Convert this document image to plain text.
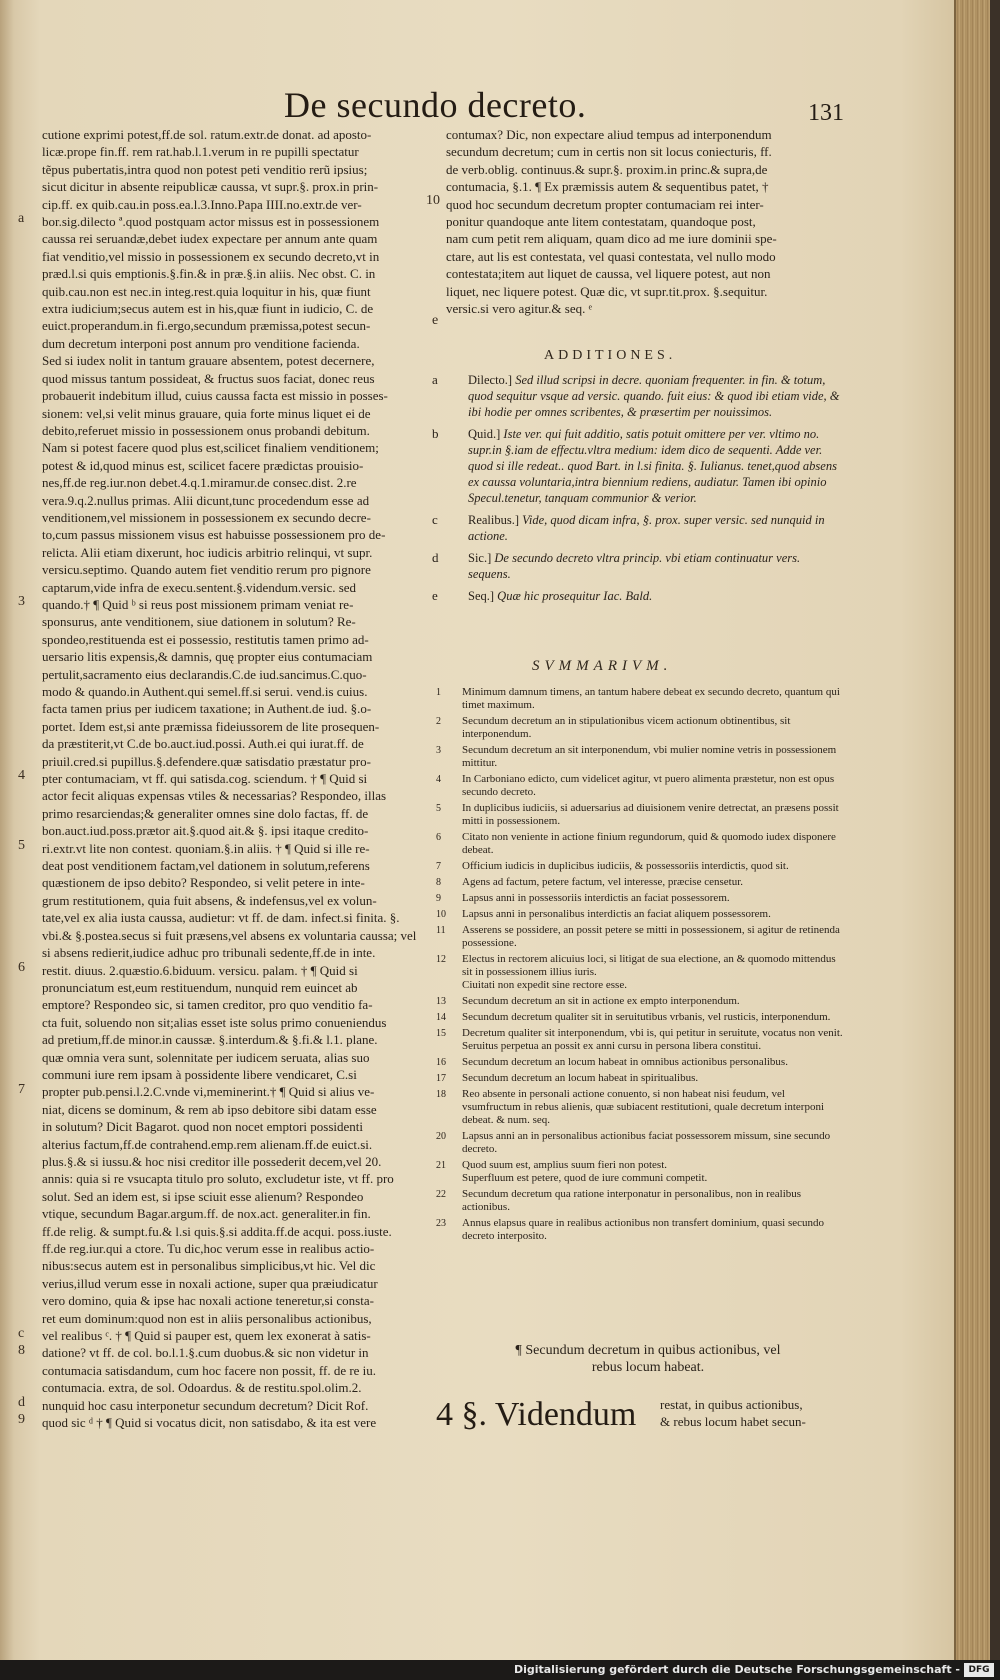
De secundo decreto.	131
cutione exprimi potest,ff.de sol. ratum.extr.de donat. ad aposto-
licæ.prope fin.ff. rem rat.hab.l.1.verum in re pupilli spectatur
tẽpus pubertatis,intra quod non potest peti venditio rerũ ipsius;
sicut dicitur in absente reipublicæ caussa, vt supr.§. prox.in prin-
cip.ff. ex quib.cau.in poss.ea.l.3.Inno.Papa IIII.no.extr.de ver-
bor.sig.dilecto ª.quod postquam actor missus est in possessionem
caussa rei seruandæ,debet iudex expectare per annum ante quam
fiat venditio,vel missio in possessionem ex secundo decreto,vt in
præd.l.si quis emptionis.§.fin.& in præ.§.in aliis. Nec obst. C. in
quib.cau.non est nec.in integ.rest.quia loquitur in his, quæ fiunt
extra iudicium;secus autem est in his,quæ fiunt in iudicio, C. de
euict.properandum.in fi.ergo,secundum præmissa,potest secun-
dum decretum interponi post annum pro venditione facienda.
Sed si iudex nolit in tantum grauare absentem, potest decernere,
quod missus tantum possideat, & fructus suos faciat, donec reus
probauerit indebitum illud, cuius caussa facta est missio in posses-
sionem: vel,si velit minus grauare, quia forte minus liquet ei de
debito,referuet missio in possessionem onus probandi debitum.
Nam si potest facere quod plus est,scilicet finaliem venditionem;
potest & id,quod minus est, scilicet facere prædictas prouisio-
nes,ff.de reg.iur.non debet.4.q.1.miramur.de consec.dist. 2.re
vera.9.q.2.nullus primas. Alii dicunt,tunc procedendum esse ad
venditionem,vel missionem in possessionem ex secundo decre-
to,cum passus missionem visus est habuisse possessionem pro de-
relicta. Alii etiam dixerunt, hoc iudicis arbitrio relinqui, vt supr.
versicu.septimo. Quando autem fiet venditio rerum pro pignore
captarum,vide infra de execu.sentent.§.videndum.versic. sed
quando.† ¶ Quid ᵇ si reus post missionem primam veniat re-
sponsurus, ante venditionem, siue dationem in solutum? Re-
spondeo,restituenda est ei possessio, restitutis tamen primo ad-
uersario litis expensis,& damnis, quę propter eius contumaciam
pertulit,sacramento eius declarandis.C.de iud.sancimus.C.quo-
modo & quando.in Authent.qui semel.ff.si serui. vend.is cuius.
facta tamen prius per iudicem taxatione; in Authent.de iud. §.o-
portet. Idem est,si ante præmissa fideiussorem de lite prosequen-
da præstiterit,vt C.de bo.auct.iud.possi. Auth.ei qui iurat.ff. de
priuil.cred.si pupillus.§.defendere.quæ satisdatio præstatur pro-
pter contumaciam, vt ff. qui satisda.cog. sciendum. † ¶ Quid si
actor fecit aliquas expensas vtiles & necessarias? Respondeo, illas
primo resarciendas;& generaliter omnes sine dolo factas, ff. de
bon.auct.iud.poss.prætor ait.§.quod ait.& §. ipsi itaque credito-
ri.extr.vt lite non contest. quoniam.§.in aliis. † ¶ Quid si ille re-
deat post venditionem factam,vel dationem in solutum,referens
quæstionem de ipso debito? Respondeo, si velit petere in inte-
grum restitutionem, quia fuit absens, & indefensus,vel ex volun-
tate,vel ex alia iusta caussa, audietur: vt ff. de dam. infect.si finita. §.
vbi.& §.postea.secus si fuit præsens,vel absens ex voluntaria caussa; vel
si absens redierit,iudice adhuc pro tribunali sedente,ff.de in inte.
restit. diuus. 2.quæstio.6.biduum. versicu. palam. † ¶ Quid si
pronunciatum est,eum restituendum, nunquid rem euincet ab
emptore? Respondeo sic, si tamen creditor, pro quo venditio fa-
cta fuit, soluendo non sit;alias esset iste solus primo conueniendus
ad pretium,ff.de minor.in caussæ. §.interdum.& §.fi.& l.1. plane.
quæ omnia vera sunt, solennitate per iudicem seruata, alias suo
communi iure rem ipsam à possidente libere vendicaret, C.si
propter pub.pensi.l.2.C.vnde vi,meminerint.† ¶ Quid si alius ve-
niat, dicens se dominum, & rem ab ipso debitore sibi datam esse
in solutum? Dicit Bagarot. quod non nocet emptori possidenti
alterius factum,ff.de contrahend.emp.rem alienam.ff.de euict.si.
plus.§.& si iussu.& hoc nisi creditor ille possederit decem,vel 20.
annis: quia si re vsucapta titulo pro soluto, excludetur iste, vt ff. pro
solut. Sed an idem est, si ipse sciuit esse alienum? Respondeo
vtique, secundum Bagar.argum.ff. de nox.act. generaliter.in fin.
ff.de relig. & sumpt.fu.& l.si quis.§.si addita.ff.de acqui. poss.iuste.
ff.de reg.iur.qui a ctore. Tu dic,hoc verum esse in realibus actio-
nibus:secus autem est in personalibus simplicibus,vt hic. Vel dic
verius,illud verum esse in noxali actione, super qua præiudicatur
vero domino, quia & ipse hac noxali actione teneretur,si consta-
ret eum dominum:quod non est in aliis personalibus actionibus,
vel realibus ᶜ. † ¶ Quid si pauper est, quem lex exonerat à satis-
datione? vt ff. de col. bo.l.1.§.cum duobus.& sic non videtur in
contumacia satisdandum, cum hoc facere non possit, ff. de re iu.
contumacia. extra, de sol. Odoardus. & de restitu.spol.olim.2.
nunquid hoc casu interponetur secundum decretum? Dicit Rof.
quod sic ᵈ † ¶ Quid si vocatus dicit, non satisdabo, & ita est vere
a
3
4
5
6
7
c
8
d
9
10
e
contumax? Dic, non expectare aliud tempus ad interponendum
secundum decretum; cum in certis non sit locus coniecturis, ff.
de verb.oblig. continuus.& supr.§. proxim.in princ.& supra,de
contumacia, §.1. ¶ Ex præmissis autem & sequentibus patet, †
quod hoc secundum decretum propter contumaciam rei inter-
ponitur quandoque ante litem contestatam, quandoque post,
nam cum petit rem aliquam, quam dico ad me iure dominii spe-
ctare, aut lis est contestata, vel quasi contestata, vel nullo modo
contestata;item aut liquet de caussa, vel liquere potest, aut non
liquet, nec liquere potest. Quæ dic, vt supr.tit.prox. §.sequitur.
versic.si vero agitur.& seq. ᵉ
ADDITIONES.
a Dilecto.] Sed illud scripsi in decre. quoniam frequenter. in fin. & totum, quod sequitur vsque ad versic. quando. fuit eius: & quod ibi etiam vide, & ibi hodie per omnes scribentes, & præsertim per nouissimos.
b Quid.] Iste ver. qui fuit additio, satis potuit omittere per ver. vltimo no. supr.in §.iam de effectu.vltra medium: idem dico de sequenti. Adde ver. quod si ille redeat.. quod Bart. in l.si finita. §. Iulianus. tenet,quod absens ex caussa voluntaria,intra biennium rediens, audiatur. Tamen ibi opinio Specul.tenetur, tanquam communior & verior.
c Realibus.] Vide, quod dicam infra, §. prox. super versic. sed nunquid in actione.
d Sic.] De secundo decreto vltra princip. vbi etiam continuatur vers. sequens.
e Seq.] Quæ hic prosequitur Iac. Bald.
SVMMARIVM.
1 Minimum damnum timens, an tantum habere debeat ex secundo decreto, quantum qui timet maximum.
2 Secundum decretum an in stipulationibus vicem actionum obtinentibus, sit interponendum.
3 Secundum decretum an sit interponendum, vbi mulier nomine vetris in possessionem mittitur.
4 In Carboniano edicto, cum videlicet agitur, vt puero alimenta præstetur, non est opus secundo decreto.
5 In duplicibus iudiciis, si aduersarius ad diuisionem venire detrectat, an præsens possit mitti in possessionem.
6 Citato non veniente in actione finium regundorum, quid & quomodo iudex disponere debeat.
7 Officium iudicis in duplicibus iudiciis, & possessoriis interdictis, quod sit.
8 Agens ad factum, petere factum, vel interesse, præcise censetur.
9 Lapsus anni in possessoriis interdictis an faciat possessorem.
10 Lapsus anni in personalibus interdictis an faciat aliquem possessorem.
11 Asserens se possidere, an possit petere se mitti in possessionem, si agitur de retinenda possessione.
12 Electus in rectorem alicuius loci, si litigat de sua electione, an & quomodo mittendus sit in possessionem illius iuris.
Ciuitati non expedit sine rectore esse.
13 Secundum decretum an sit in actione ex empto interponendum.
14 Secundum decretum qualiter sit in seruitutibus vrbanis, vel rusticis, interponendum.
15 Decretum qualiter sit interponendum, vbi is, qui petitur in seruitute, vocatus non venit.
Seruitus perpetua an possit ex anni cursu in persona libera constitui.
16 Secundum decretum an locum habeat in omnibus actionibus personalibus.
17 Secundum decretum an locum habeat in spiritualibus.
18 Reo absente in personali actione conuento, si non habeat nisi feudum, vel vsumfructum in rebus alienis, quæ subiacent restitutioni, quale decretum interponi debeat. & num. seq.
20 Lapsus anni an in personalibus actionibus faciat possessorem missum, sine secundo decreto.
21 Quod suum est, amplius suum fieri non potest.
Superfluum est petere, quod de iure communi competit.
22 Secundum decretum qua ratione interponatur in personalibus, non in realibus actionibus.
23 Annus elapsus quare in realibus actionibus non transfert dominium, quasi secundo decreto interposito.
¶ Secundum decretum in quibus actionibus, vel
rebus locum habeat.
4 §. Videndum restat, in quibus actionibus,
& rebus locum habet secun-
Digitalisierung gefördert durch die Deutsche Forschungsgemeinschaft - DFG
